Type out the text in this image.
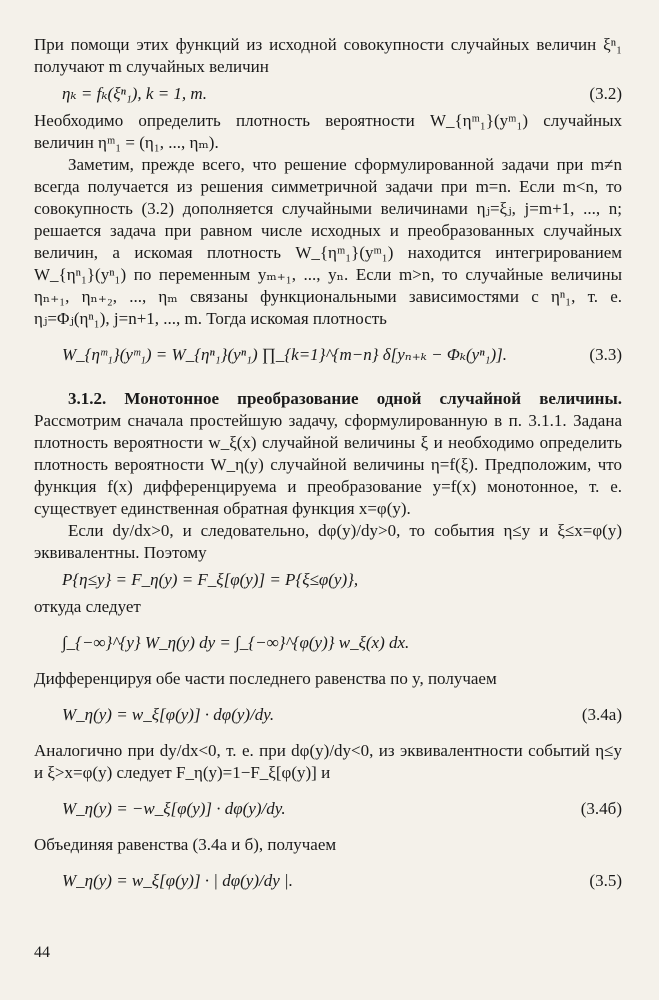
При помощи этих функций из исходной совокупности случайных величин ξⁿ₁ получают m случайных величин

ηₖ = fₖ(ξⁿ₁), k = 1, m.	(3.2)

Необходимо определить плотность вероятности W_{ηᵐ₁}(yᵐ₁) случайных величин ηᵐ₁ = (η₁, ..., ηₘ).

Заметим, прежде всего, что решение сформулированной задачи при m≠n всегда получается из решения симметричной задачи при m=n. Если m<n, то совокупность (3.2) дополняется случайными величинами ηⱼ=ξⱼ, j=m+1, ..., n; решается задача при равном числе исходных и преобразованных случайных величин, а искомая плотность W_{ηᵐ₁}(yᵐ₁) находится интегрированием W_{ηⁿ₁}(yⁿ₁) по переменным yₘ₊₁, ..., yₙ. Если m>n, то случайные величины ηₙ₊₁, ηₙ₊₂, ..., ηₘ связаны функциональными зависимостями с ηⁿ₁, т. е. ηⱼ=Φⱼ(ηⁿ₁), j=n+1, ..., m. Тогда искомая плотность

W_{ηᵐ₁}(yᵐ₁) = W_{ηⁿ₁}(yⁿ₁) ∏_{k=1}^{m−n} δ[yₙ₊ₖ − Φₖ(yⁿ₁)].	(3.3)

3.1.2. Монотонное преобразование одной случайной величины. Рассмотрим сначала простейшую задачу, сформулированную в п. 3.1.1. Задана плотность вероятности w_ξ(x) случайной величины ξ и необходимо определить плотность вероятности W_η(y) случайной величины η=f(ξ). Предположим, что функция f(x) дифференцируема и преобразование y=f(x) монотонное, т. е. существует единственная обратная функция x=φ(y).

Если dy/dx>0, и следовательно, dφ(y)/dy>0, то события η≤y и ξ≤x=φ(y) эквивалентны. Поэтому

P{η≤y} = F_η(y) = F_ξ[φ(y)] = P{ξ≤φ(y)},

откуда следует

∫_{−∞}^{y} W_η(y) dy = ∫_{−∞}^{φ(y)} w_ξ(x) dx.

Дифференцируя обе части последнего равенства по y, получаем

W_η(y) = w_ξ[φ(y)] · dφ(y)/dy.	(3.4а)

Аналогично при dy/dx<0, т. е. при dφ(y)/dy<0, из эквивалентности событий η≤y и ξ>x=φ(y) следует F_η(y)=1−F_ξ[φ(y)] и

W_η(y) = −w_ξ[φ(y)] · dφ(y)/dy.	(3.4б)

Объединяя равенства (3.4а и б), получаем

W_η(y) = w_ξ[φ(y)] · | dφ(y)/dy |.	(3.5)
44
